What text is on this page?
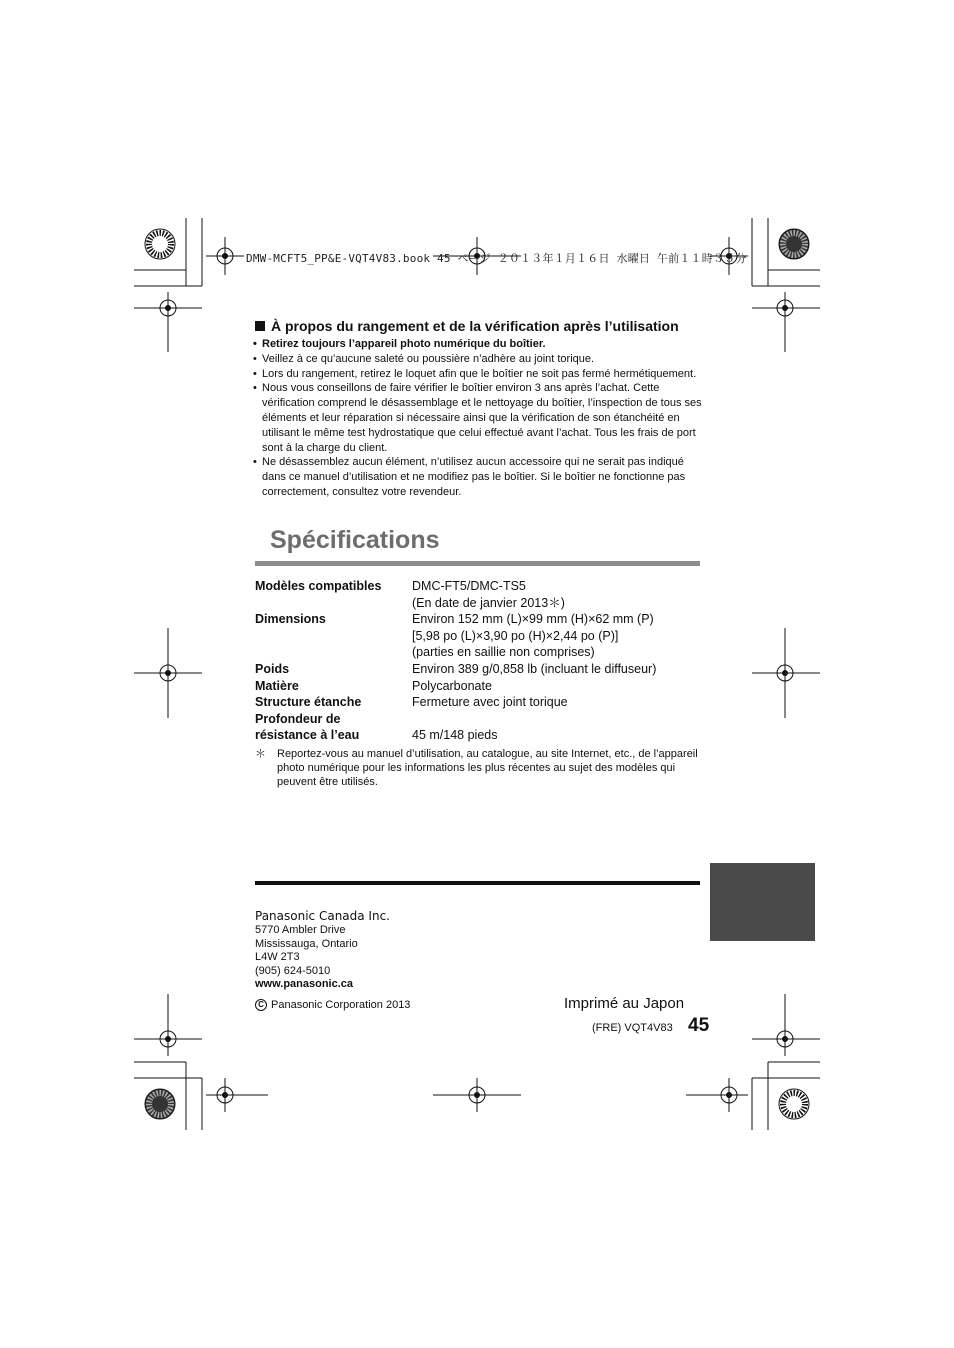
DMW-MCFT5_PP&E-VQT4V83.book 45 ページ ２０１３年１月１６日 水曜日 午前１１時３５分
À propos du rangement et de la vérification après l’utilisation
• Retirez toujours l’appareil photo numérique du boîtier.
• Veillez à ce qu’aucune saleté ou poussière n’adhère au joint torique.
• Lors du rangement, retirez le loquet afin que le boîtier ne soit pas fermé hermétiquement.
• Nous vous conseillons de faire vérifier le boîtier environ 3 ans après l’achat. Cette vérification comprend le désassemblage et le nettoyage du boîtier, l’inspection de tous ses éléments et leur réparation si nécessaire ainsi que la vérification de son étanchéité en utilisant le même test hydrostatique que celui effectué avant l’achat. Tous les frais de port sont à la charge du client.
• Ne désassemblez aucun élément, n’utilisez aucun accessoire qui ne serait pas indiqué dans ce manuel d’utilisation et ne modifiez pas le boîtier. Si le boîtier ne fonctionne pas correctement, consultez votre revendeur.
Spécifications
Modèles compatibles	DMC-FT5/DMC-TS5
(En date de janvier 2013＊)
Dimensions	Environ 152 mm (L)×99 mm (H)×62 mm (P)
[5,98 po (L)×3,90 po (H)×2,44 po (P)]
(parties en saillie non comprises)
Poids	Environ 389 g/0,858 lb (incluant le diffuseur)
Matière	Polycarbonate
Structure étanche	Fermeture avec joint torique
Profondeur de
résistance à l’eau	45 m/148 pieds
＊	Reportez-vous au manuel d’utilisation, au catalogue, au site Internet, etc., de l’appareil photo numérique pour les informations les plus récentes au sujet des modèles qui peuvent être utilisés.
Panasonic Canada Inc.
5770 Ambler Drive
Mississauga, Ontario
L4W 2T3
(905) 624-5010
www.panasonic.ca
C Panasonic Corporation 2013	Imprimé au Japon
(FRE) VQT4V83 45
